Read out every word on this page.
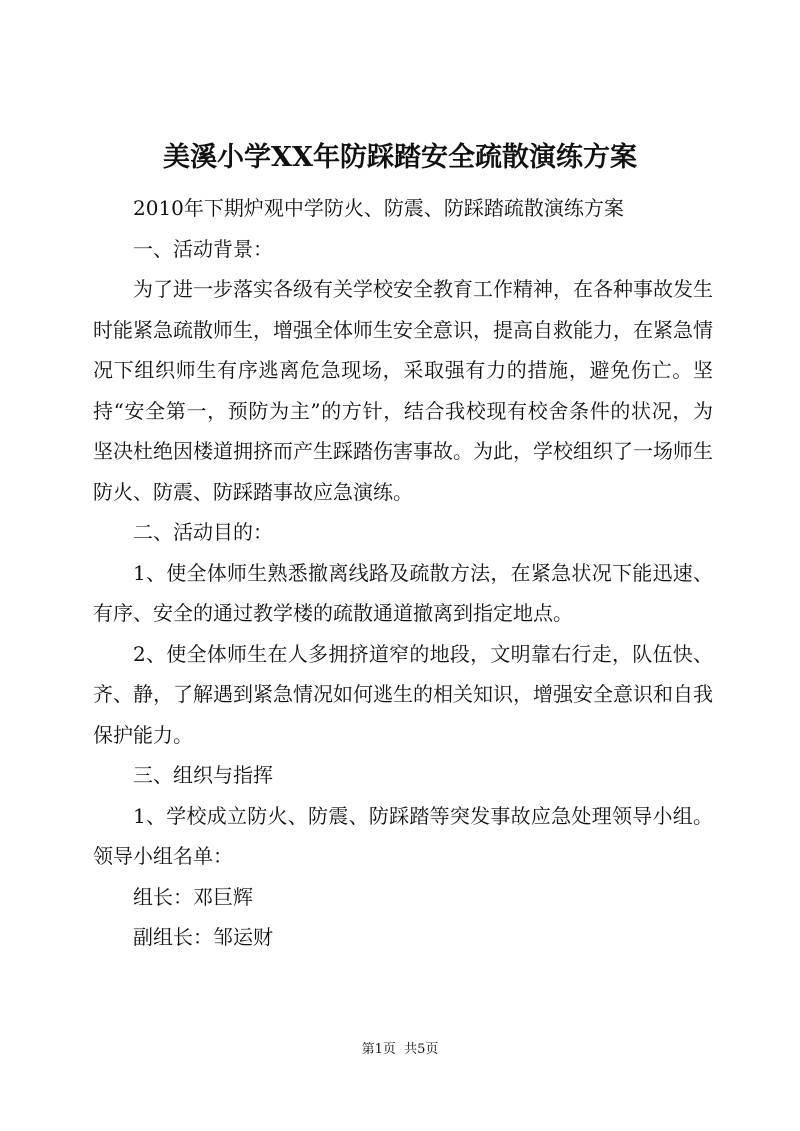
美溪小学XX年防踩踏安全疏散演练方案

2010年下期炉观中学防火、防震、防踩踏疏散演练方案

一、活动背景：

为了进一步落实各级有关学校安全教育工作精神，在各种事故发生时能紧急疏散师生，增强全体师生安全意识，提高自救能力，在紧急情况下组织师生有序逃离危急现场，采取强有力的措施，避免伤亡。坚持“安全第一，预防为主”的方针，结合我校现有校舍条件的状况，为坚决杜绝因楼道拥挤而产生踩踏伤害事故。为此，学校组织了一场师生防火、防震、防踩踏事故应急演练。

二、活动目的：

1、使全体师生熟悉撤离线路及疏散方法，在紧急状况下能迅速、有序、安全的通过教学楼的疏散通道撤离到指定地点。

2、使全体师生在人多拥挤道窄的地段，文明靠右行走，队伍快、齐、静，了解遇到紧急情况如何逃生的相关知识，增强安全意识和自我保护能力。

三、组织与指挥

1、学校成立防火、防震、防踩踏等突发事故应急处理领导小组。领导小组名单：

组长：邓巨辉

副组长：邹运财

第1页 共5页
